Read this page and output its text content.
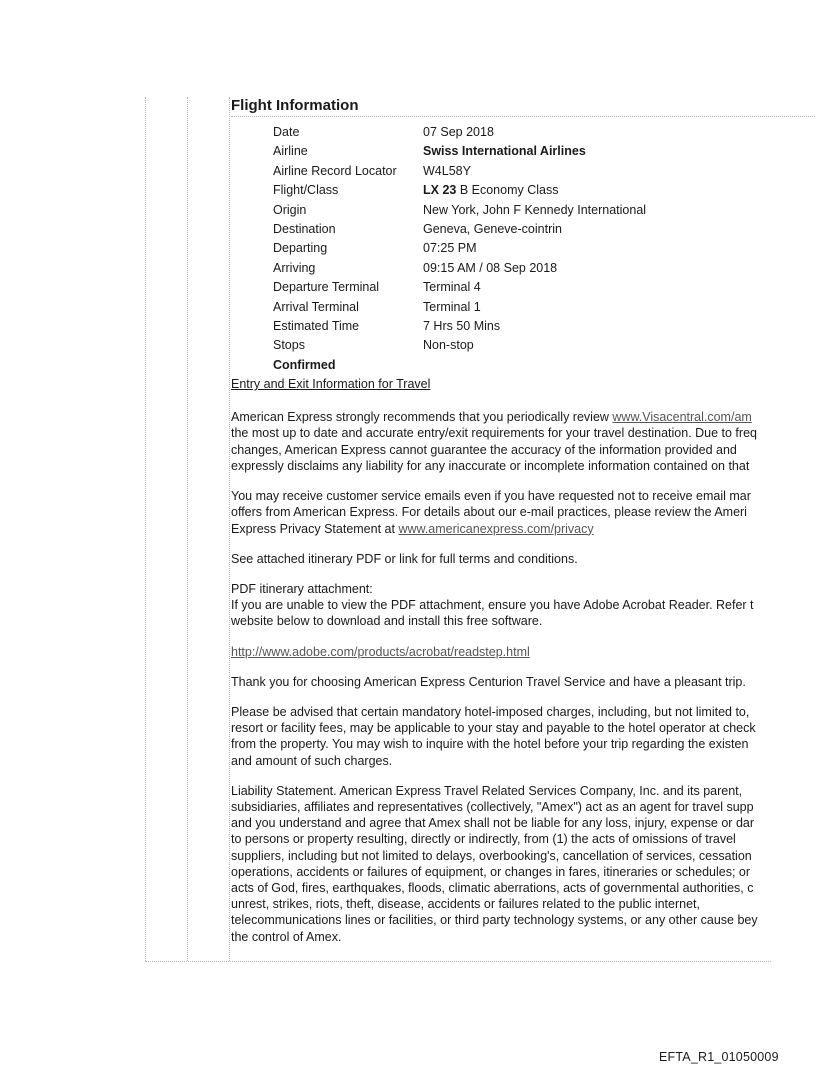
Flight Information
Date	07 Sep 2018
Airline	Swiss International Airlines
Airline Record Locator	W4L58Y
Flight/Class	LX 23 B Economy Class
Origin	New York, John F Kennedy International
Destination	Geneva, Geneve-cointrin
Departing	07:25 PM
Arriving	09:15 AM / 08 Sep 2018
Departure Terminal	Terminal 4
Arrival Terminal	Terminal 1
Estimated Time	7 Hrs 50 Mins
Stops	Non-stop
Confirmed	

Entry and Exit Information for Travel

American Express strongly recommends that you periodically review www.Visacentral.com/am
the most up to date and accurate entry/exit requirements for your travel destination. Due to freq
changes, American Express cannot guarantee the accuracy of the information provided and
expressly disclaims any liability for any inaccurate or incomplete information contained on that

You may receive customer service emails even if you have requested not to receive email mar
offers from American Express. For details about our e-mail practices, please review the Ameri
Express Privacy Statement at www.americanexpress.com/privacy

See attached itinerary PDF or link for full terms and conditions.

PDF itinerary attachment:
If you are unable to view the PDF attachment, ensure you have Adobe Acrobat Reader. Refer t
website below to download and install this free software.

http://www.adobe.com/products/acrobat/readstep.html

Thank you for choosing American Express Centurion Travel Service and have a pleasant trip.

Please be advised that certain mandatory hotel-imposed charges, including, but not limited to,
resort or facility fees, may be applicable to your stay and payable to the hotel operator at check
from the property. You may wish to inquire with the hotel before your trip regarding the existen
and amount of such charges.

Liability Statement. American Express Travel Related Services Company, Inc. and its parent,
subsidiaries, affiliates and representatives (collectively, "Amex") act as an agent for travel supp
and you understand and agree that Amex shall not be liable for any loss, injury, expense or dar
to persons or property resulting, directly or indirectly, from (1) the acts of omissions of travel
suppliers, including but not limited to delays, overbooking's, cancellation of services, cessation
operations, accidents or failures of equipment, or changes in fares, itineraries or schedules; or
acts of God, fires, earthquakes, floods, climatic aberrations, acts of governmental authorities, c
unrest, strikes, riots, theft, disease, accidents or failures related to the public internet,
telecommunications lines or facilities, or third party technology systems, or any other cause bey
the control of Amex.

EFTA_R1_01050009
